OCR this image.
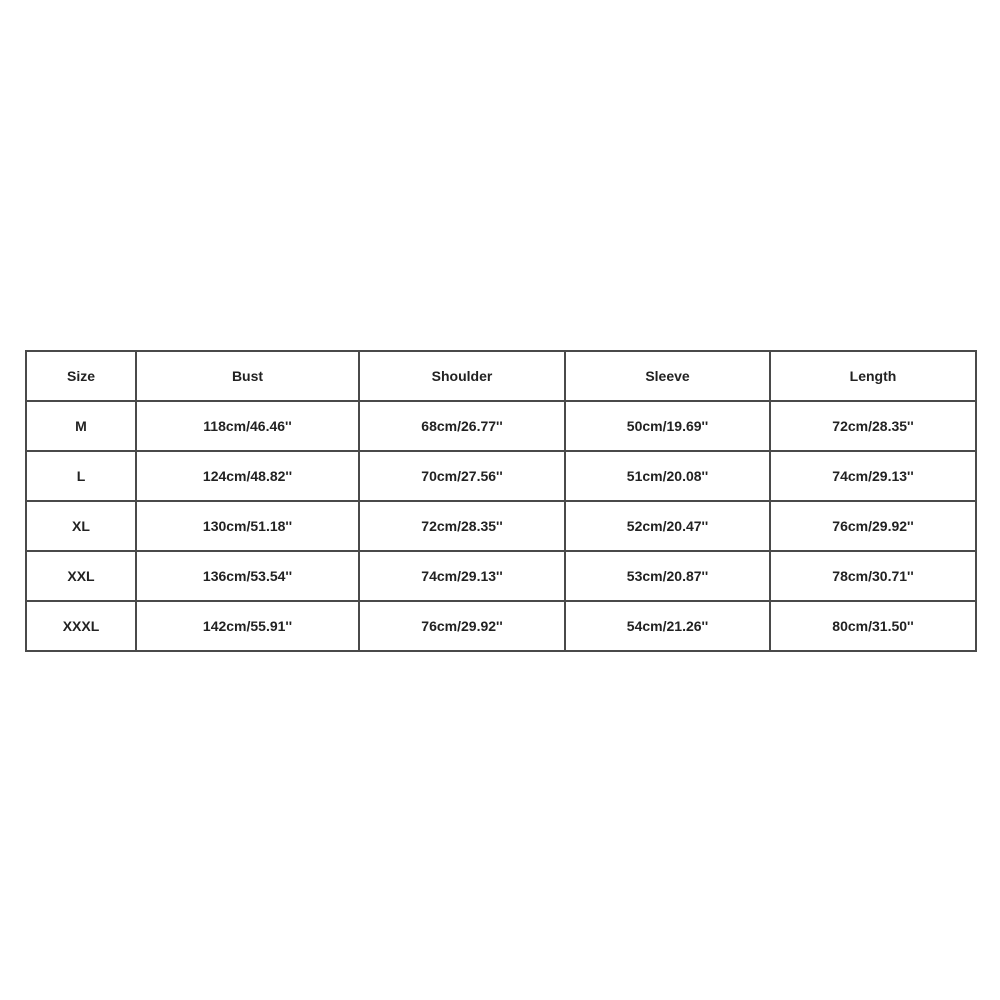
Size	Bust	Shoulder	Sleeve	Length
M	118cm/46.46''	68cm/26.77''	50cm/19.69''	72cm/28.35''
L	124cm/48.82''	70cm/27.56''	51cm/20.08''	74cm/29.13''
XL	130cm/51.18''	72cm/28.35''	52cm/20.47''	76cm/29.92''
XXL	136cm/53.54''	74cm/29.13''	53cm/20.87''	78cm/30.71''
XXXL	142cm/55.91''	76cm/29.92''	54cm/21.26''	80cm/31.50''
